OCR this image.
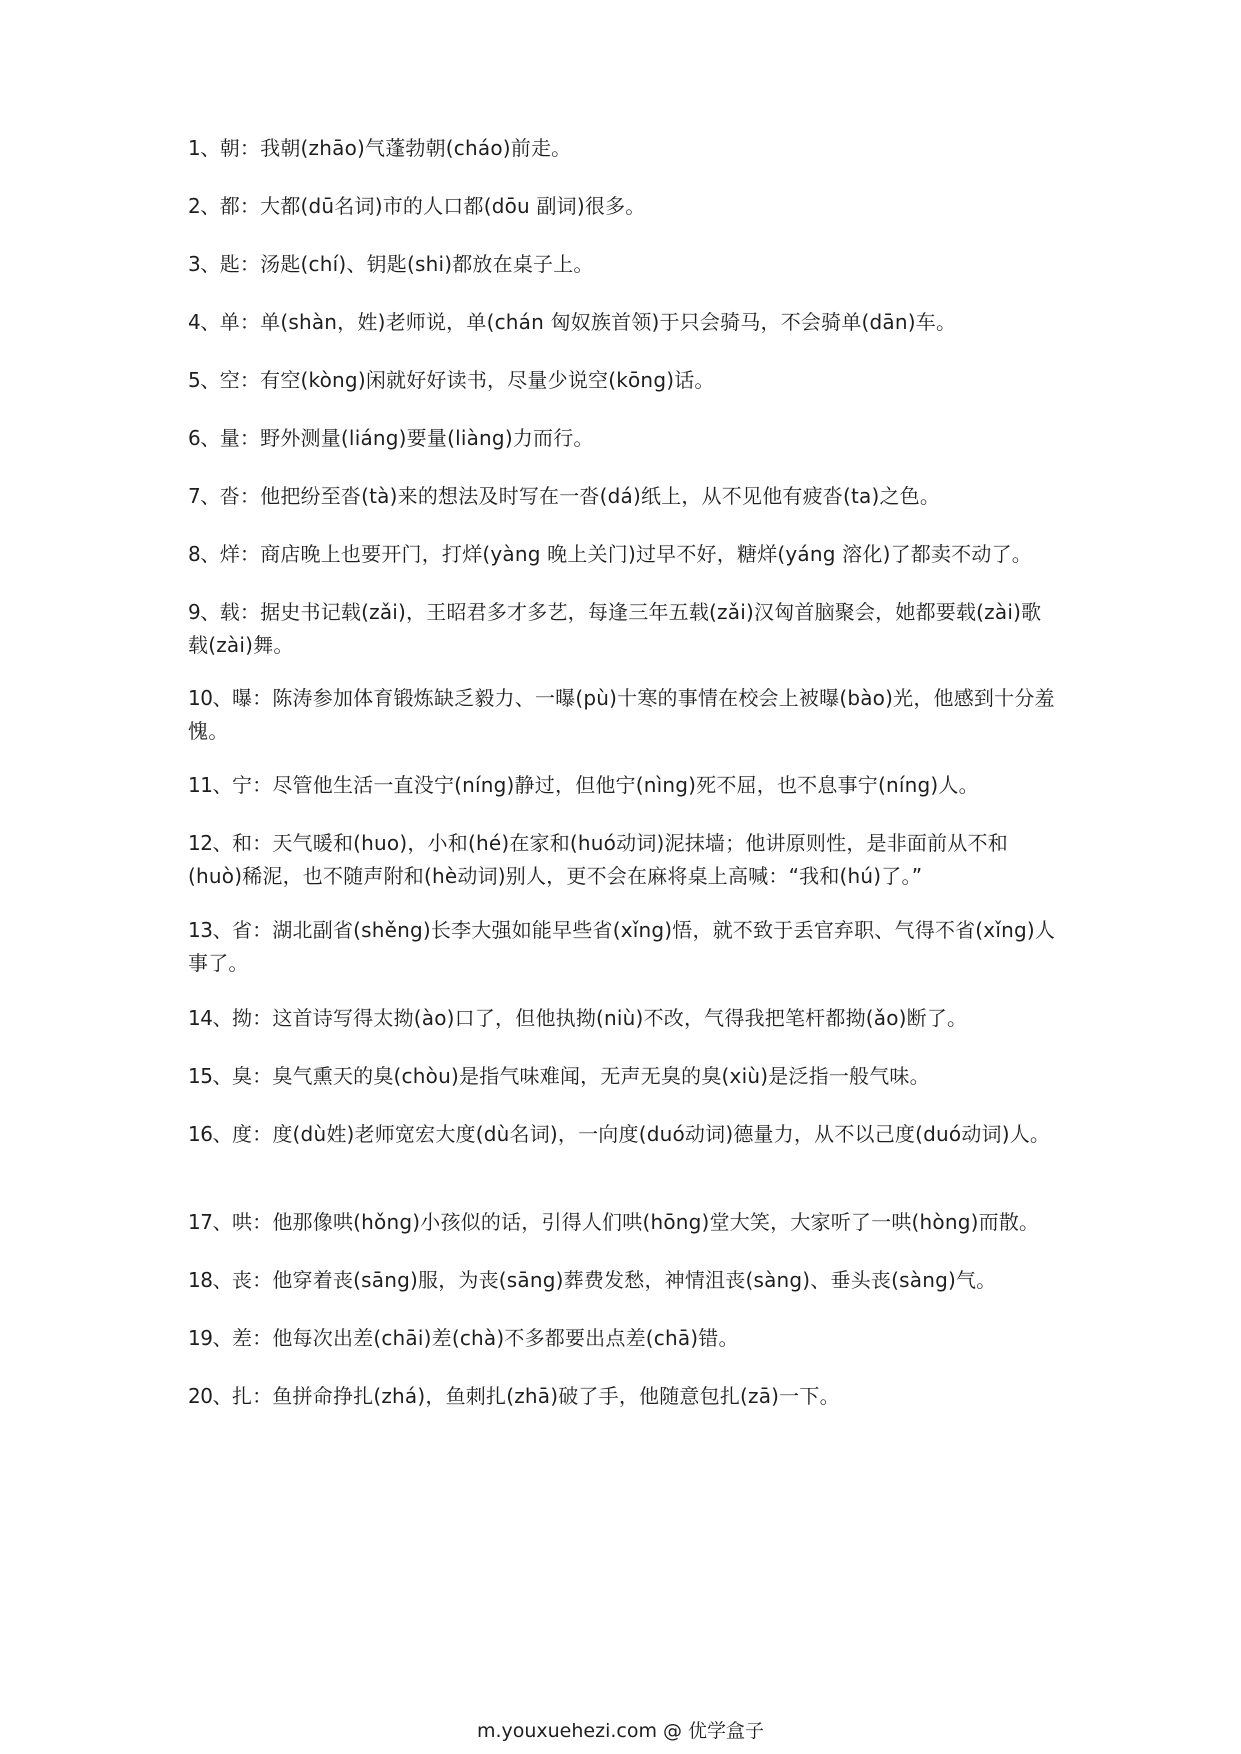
1、朝：我朝(zhāo)气蓬勃朝(cháo)前走。

2、都：大都(dū名词)市的人口都(dōu 副词)很多。

3、匙：汤匙(chí)、钥匙(shi)都放在桌子上。

4、单：单(shàn，姓)老师说，单(chán 匈奴族首领)于只会骑马，不会骑单(dān)车。

5、空：有空(kòng)闲就好好读书，尽量少说空(kōng)话。

6、量：野外测量(liáng)要量(liàng)力而行。

7、沓：他把纷至沓(tà)来的想法及时写在一沓(dá)纸上，从不见他有疲沓(ta)之色。

8、烊：商店晚上也要开门，打烊(yàng 晚上关门)过早不好，糖烊(yáng 溶化)了都卖不动了。

9、载：据史书记载(zǎi)，王昭君多才多艺，每逢三年五载(zǎi)汉匈首脑聚会，她都要载(zài)歌载(zài)舞。

10、曝：陈涛参加体育锻炼缺乏毅力、一曝(pù)十寒的事情在校会上被曝(bào)光，他感到十分羞愧。

11、宁：尽管他生活一直没宁(níng)静过，但他宁(nìng)死不屈，也不息事宁(níng)人。

12、和：天气暖和(huo)，小和(hé)在家和(huó动词)泥抹墙；他讲原则性，是非面前从不和(huò)稀泥，也不随声附和(hè动词)别人，更不会在麻将桌上高喊：“我和(hú)了。”

13、省：湖北副省(shěng)长李大强如能早些省(xǐng)悟，就不致于丢官弃职、气得不省(xǐng)人事了。

14、拗：这首诗写得太拗(ào)口了，但他执拗(niù)不改，气得我把笔杆都拗(ǎo)断了。

15、臭：臭气熏天的臭(chòu)是指气味难闻，无声无臭的臭(xiù)是泛指一般气味。

16、度：度(dù姓)老师宽宏大度(dù名词)，一向度(duó动词)德量力，从不以己度(duó动词)人。

17、哄：他那像哄(hǒng)小孩似的话，引得人们哄(hōng)堂大笑，大家听了一哄(hòng)而散。

18、丧：他穿着丧(sāng)服，为丧(sāng)葬费发愁，神情沮丧(sàng)、垂头丧(sàng)气。

19、差：他每次出差(chāi)差(chà)不多都要出点差(chā)错。

20、扎：鱼拼命挣扎(zhá)，鱼刺扎(zhā)破了手，他随意包扎(zā)一下。

m.youxuehezi.com @ 优学盒子
